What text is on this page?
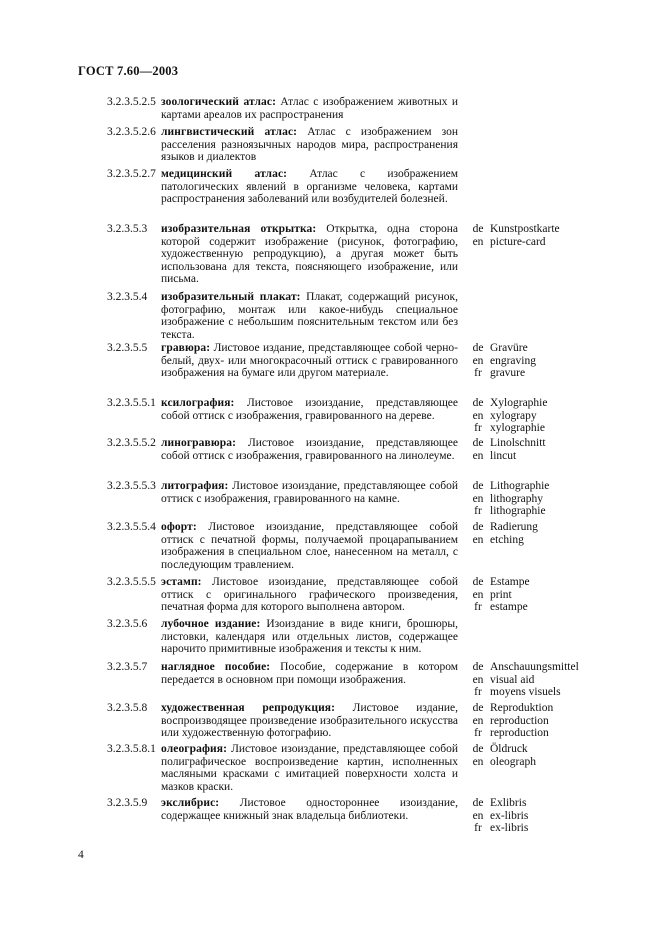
ГОСТ 7.60—2003
3.2.3.5.2.5 зоологический атлас: Атлас с изображением животных и картами ареалов их распространения
3.2.3.5.2.6 лингвистический атлас: Атлас с изображением зон расселения разноязычных народов мира, распространения языков и диалектов
3.2.3.5.2.7 медицинский атлас: Атлас с изображением патологических явлений в организме человека, картами распространения заболеваний или возбудителей болезней.
3.2.3.5.3 изобразительная открытка: Открытка, одна сторона которой содержит изображение (рисунок, фотографию, художественную репродукцию), а другая может быть использована для текста, поясняющего изображение, или письма.
de
en
Kunstpostkarte
picture-card
3.2.3.5.4 изобразительный плакат: Плакат, содержащий рисунок, фотографию, монтаж или какое-нибудь специальное изображение с небольшим пояснительным текстом или без текста.
3.2.3.5.5 гравюра: Листовое издание, представляющее собой черно-белый, двух- или многокрасочный оттиск с гравированного изображения на бумаге или другом материале.
de
en
fr
Gravüre
engraving
gravure
3.2.3.5.5.1 ксилография: Листовое изоиздание, представляющее собой оттиск с изображения, гравированного на дереве.
de
en
fr
Xylographie
xylograpy
xylographie
3.2.3.5.5.2 линогравюра: Листовое изоиздание, представляющее собой оттиск с изображения, гравированного на линолеуме.
de
en
Linolschnitt
lincut
3.2.3.5.5.3 литография: Листовое изоиздание, представляющее собой оттиск с изображения, гравированного на камне.
de
en
fr
Lithographie
lithography
lithographie
3.2.3.5.5.4 офорт: Листовое изоиздание, представляющее собой оттиск с печатной формы, получаемой процарапыванием изображения в специальном слое, нанесенном на металл, с последующим травлением.
de
en
Radierung
etching
3.2.3.5.5.5 эстамп: Листовое изоиздание, представляющее собой оттиск с оригинального графического произведения, печатная форма для которого выполнена автором.
de
en
fr
Estampe
print
estampe
3.2.3.5.6 лубочное издание: Изоиздание в виде книги, брошюры, листовки, календаря или отдельных листов, содержащее нарочито примитивные изображения и тексты к ним.
3.2.3.5.7 наглядное пособие: Пособие, содержание в котором передается в основном при помощи изображения.
de
en
fr
Anschauungsmittel
visual aid
moyens visuels
3.2.3.5.8 художественная репродукция: Листовое издание, воспроизводящее произведение изобразительного искусства или художественную фотографию.
de
en
fr
Reproduktion
reproduction
reproduction
3.2.3.5.8.1 олеография: Листовое изоиздание, представляющее собой полиграфическое воспроизведение картин, исполненных масляными красками с имитацией поверхности холста и мазков краски.
de
en
Öldruck
oleograph
3.2.3.5.9 экслибрис: Листовое одностороннее изоиздание, содержащее книжный знак владельца библиотеки.
de
en
fr
Exlibris
ex-libris
ex-libris
4
